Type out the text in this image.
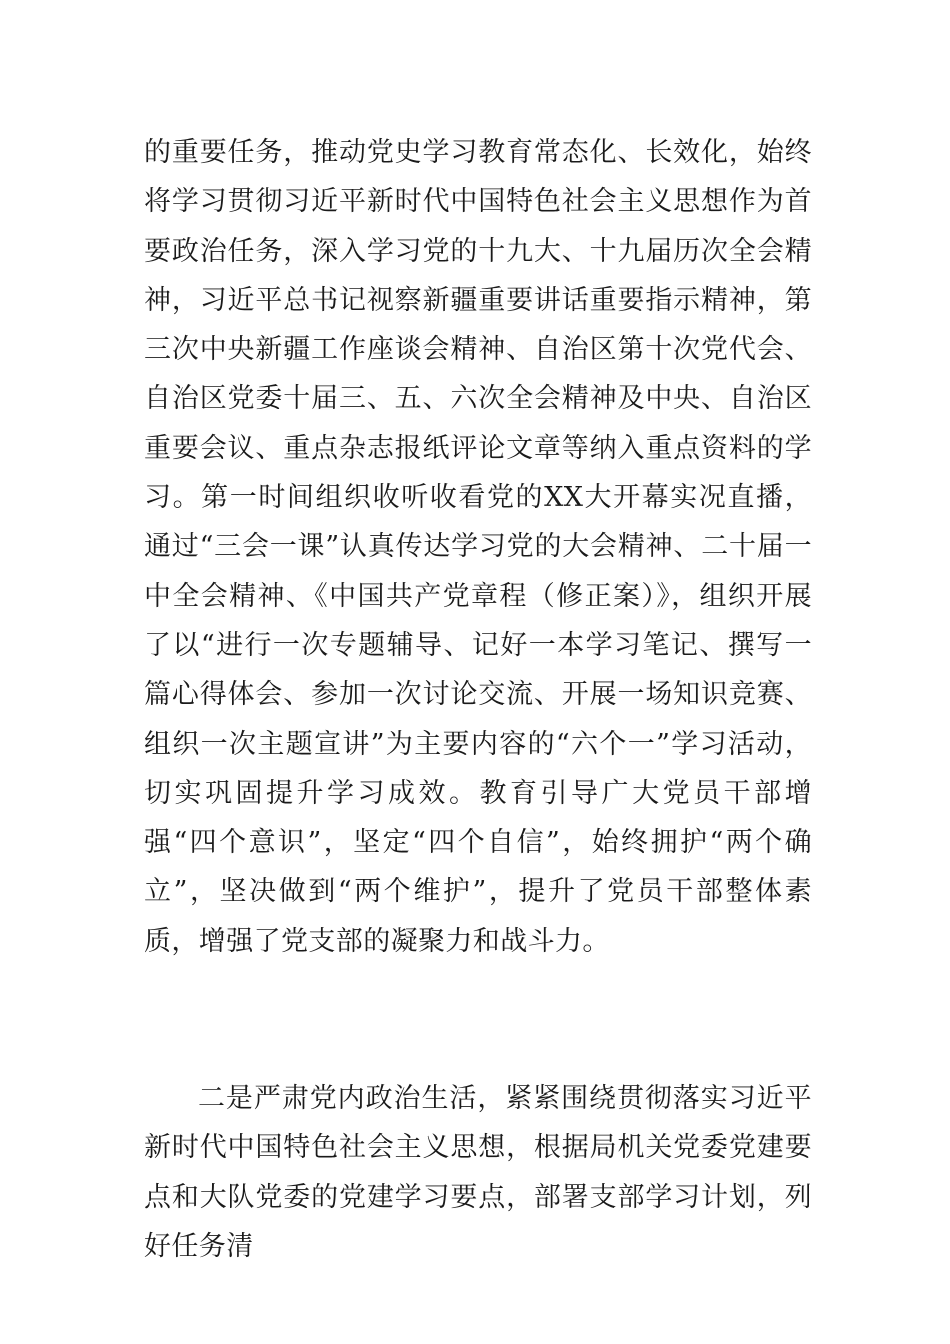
的重要任务，推动党史学习教育常态化、长效化，始终将学习贯彻习近平新时代中国特色社会主义思想作为首要政治任务，深入学习党的十九大、十九届历次全会精神，习近平总书记视察新疆重要讲话重要指示精神，第三次中央新疆工作座谈会精神、自治区第十次党代会、自治区党委十届三、五、六次全会精神及中央、自治区重要会议、重点杂志报纸评论文章等纳入重点资料的学习。第一时间组织收听收看党的XX大开幕实况直播，通过“三会一课”认真传达学习党的大会精神、二十届一中全会精神、《中国共产党章程（修正案）》，组织开展了以“进行一次专题辅导、记好一本学习笔记、撰写一篇心得体会、参加一次讨论交流、开展一场知识竞赛、组织一次主题宣讲”为主要内容的“六个一”学习活动，切实巩固提升学习成效。教育引导广大党员干部增强“四个意识”，坚定“四个自信”，始终拥护“两个确立”，坚决做到“两个维护”，提升了党员干部整体素质，增强了党支部的凝聚力和战斗力。

二是严肃党内政治生活，紧紧围绕贯彻落实习近平新时代中国特色社会主义思想，根据局机关党委党建要点和大队党委的党建学习要点，部署支部学习计划，列好任务清
